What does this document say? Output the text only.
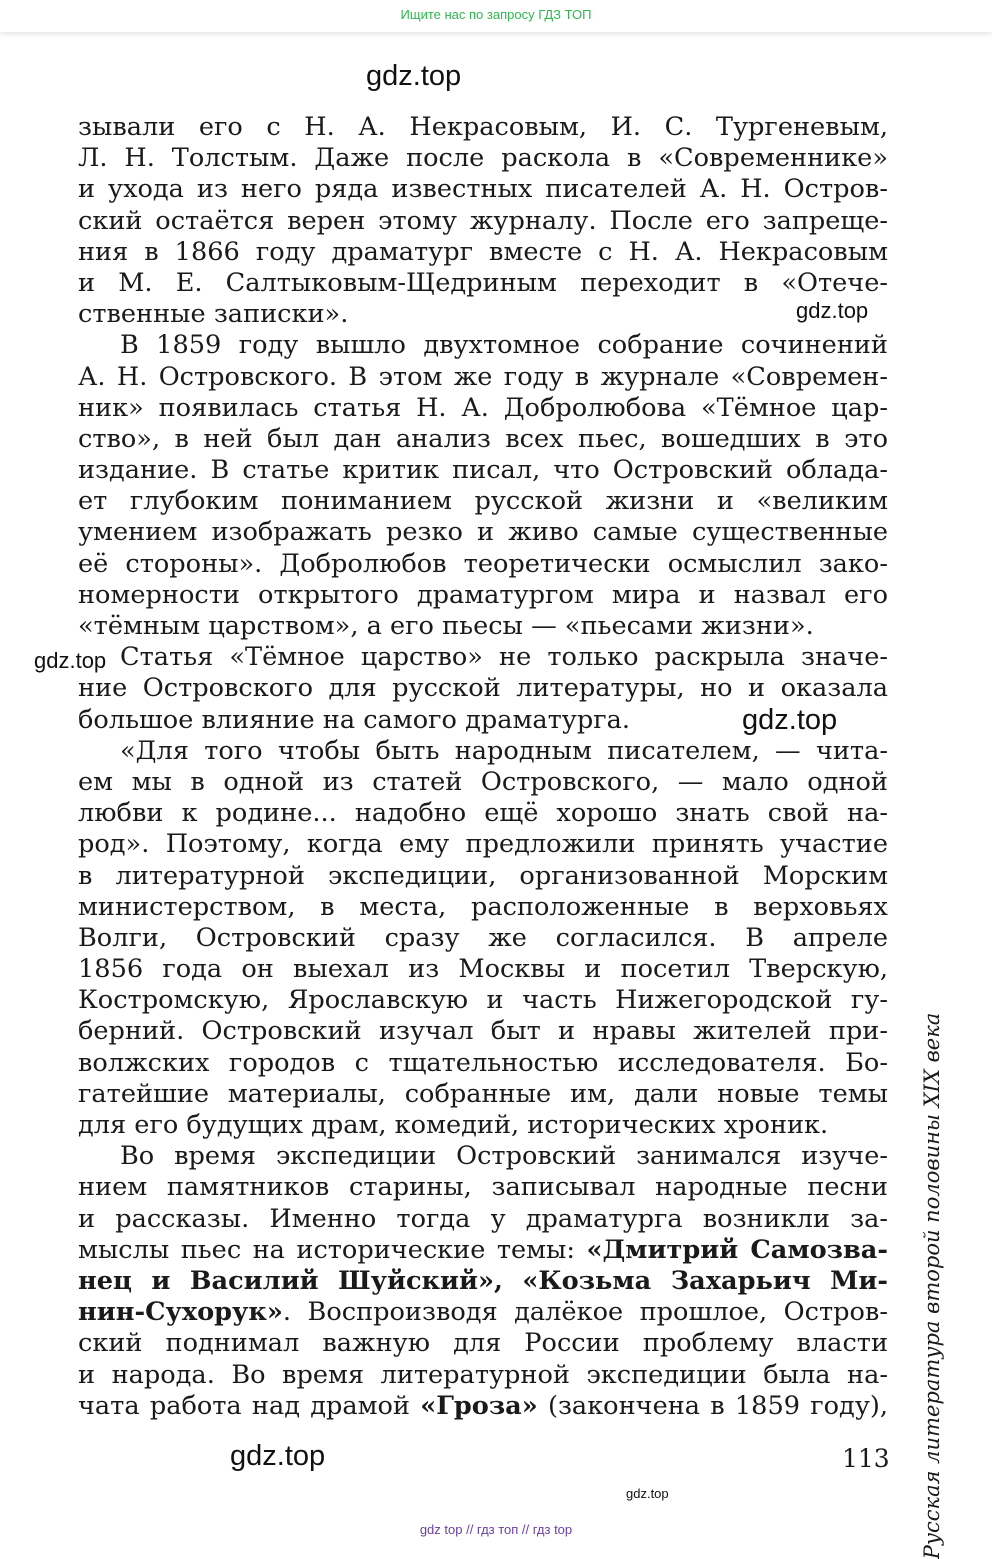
Ищите нас по запросу ГДЗ ТОП
gdz.top
gdz.top
gdz.top
gdz.top
gdz.top
gdz.top
зывали его с Н. А. Некрасовым, И. С. Тургеневым,
Л. Н. Толстым. Даже после раскола в «Современнике»
и ухода из него ряда известных писателей А. Н. Остров-
ский остаётся верен этому журналу. После его запреще-
ния в 1866 году драматург вместе с Н. А. Некрасовым
и М. Е. Салтыковым-Щедриным переходит в «Отече-
ственные записки».
В 1859 году вышло двухтомное собрание сочинений
А. Н. Островского. В этом же году в журнале «Современ-
ник» появилась статья Н. А. Добролюбова «Тёмное цар-
ство», в ней был дан анализ всех пьес, вошедших в это
издание. В статье критик писал, что Островский облада-
ет глубоким пониманием русской жизни и «великим
умением изображать резко и живо самые существенные
её стороны». Добролюбов теоретически осмыслил зако-
номерности открытого драматургом мира и назвал его
«тёмным царством», а его пьесы — «пьесами жизни».
Статья «Тёмное царство» не только раскрыла значе-
ние Островского для русской литературы, но и оказала
большое влияние на самого драматурга.
«Для того чтобы быть народным писателем, — чита-
ем мы в одной из статей Островского, — мало одной
любви к родине... надобно ещё хорошо знать свой на-
род». Поэтому, когда ему предложили принять участие
в литературной экспедиции, организованной Морским
министерством, в места, расположенные в верховьях
Волги, Островский сразу же согласился. В апреле
1856 года он выехал из Москвы и посетил Тверскую,
Костромскую, Ярославскую и часть Нижегородской гу-
берний. Островский изучал быт и нравы жителей при-
волжских городов с тщательностью исследователя. Бо-
гатейшие материалы, собранные им, дали новые темы
для его будущих драм, комедий, исторических хроник.
Во время экспедиции Островский занимался изуче-
нием памятников старины, записывал народные песни
и рассказы. Именно тогда у драматурга возникли за-
мыслы пьес на исторические темы: «Дмитрий Самозва-
нец и Василий Шуйский», «Козьма Захарьич Ми-
нин-Сухорук». Воспроизводя далёкое прошлое, Остров-
ский поднимал важную для России проблему власти
и народа. Во время литературной экспедиции была на-
чата работа над драмой «Гроза» (закончена в 1859 году), Русская литература второй половины XIX века
113
gdz top // гдз топ // гдз top
